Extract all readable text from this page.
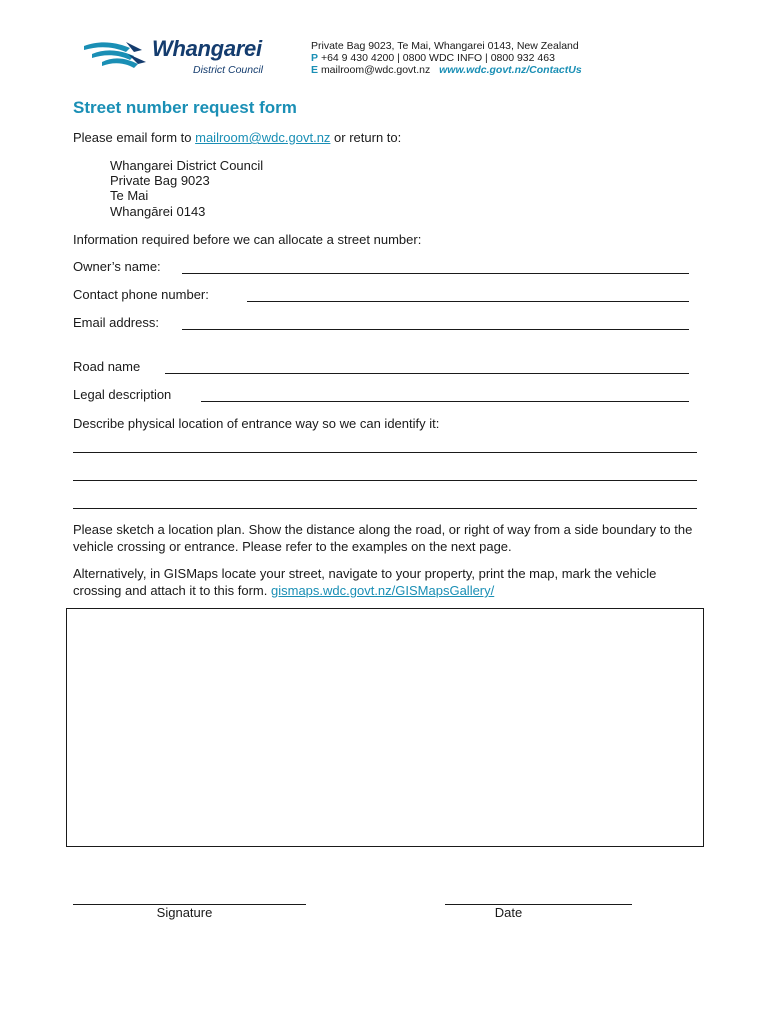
Whangarei
District Council
Private Bag 9023, Te Mai, Whangarei 0143, New Zealand
P +64 9 430 4200 | 0800 WDC INFO | 0800 932 463
E mailroom@wdc.govt.nz www.wdc.govt.nz/ContactUs
Street number request form
Please email form to mailroom@wdc.govt.nz or return to:
Whangarei District Council
Private Bag 9023
Te Mai
Whangārei 0143
Information required before we can allocate a street number:
Owner’s name:
Contact phone number:
Email address:
Road name
Legal description
Describe physical location of entrance way so we can identify it:
Please sketch a location plan. Show the distance along the road, or right of way from a side boundary to the vehicle crossing or entrance. Please refer to the examples on the next page.
Alternatively, in GISMaps locate your street, navigate to your property, print the map, mark the vehicle crossing and attach it to this form. gismaps.wdc.govt.nz/GISMapsGallery/
Signature	Date
